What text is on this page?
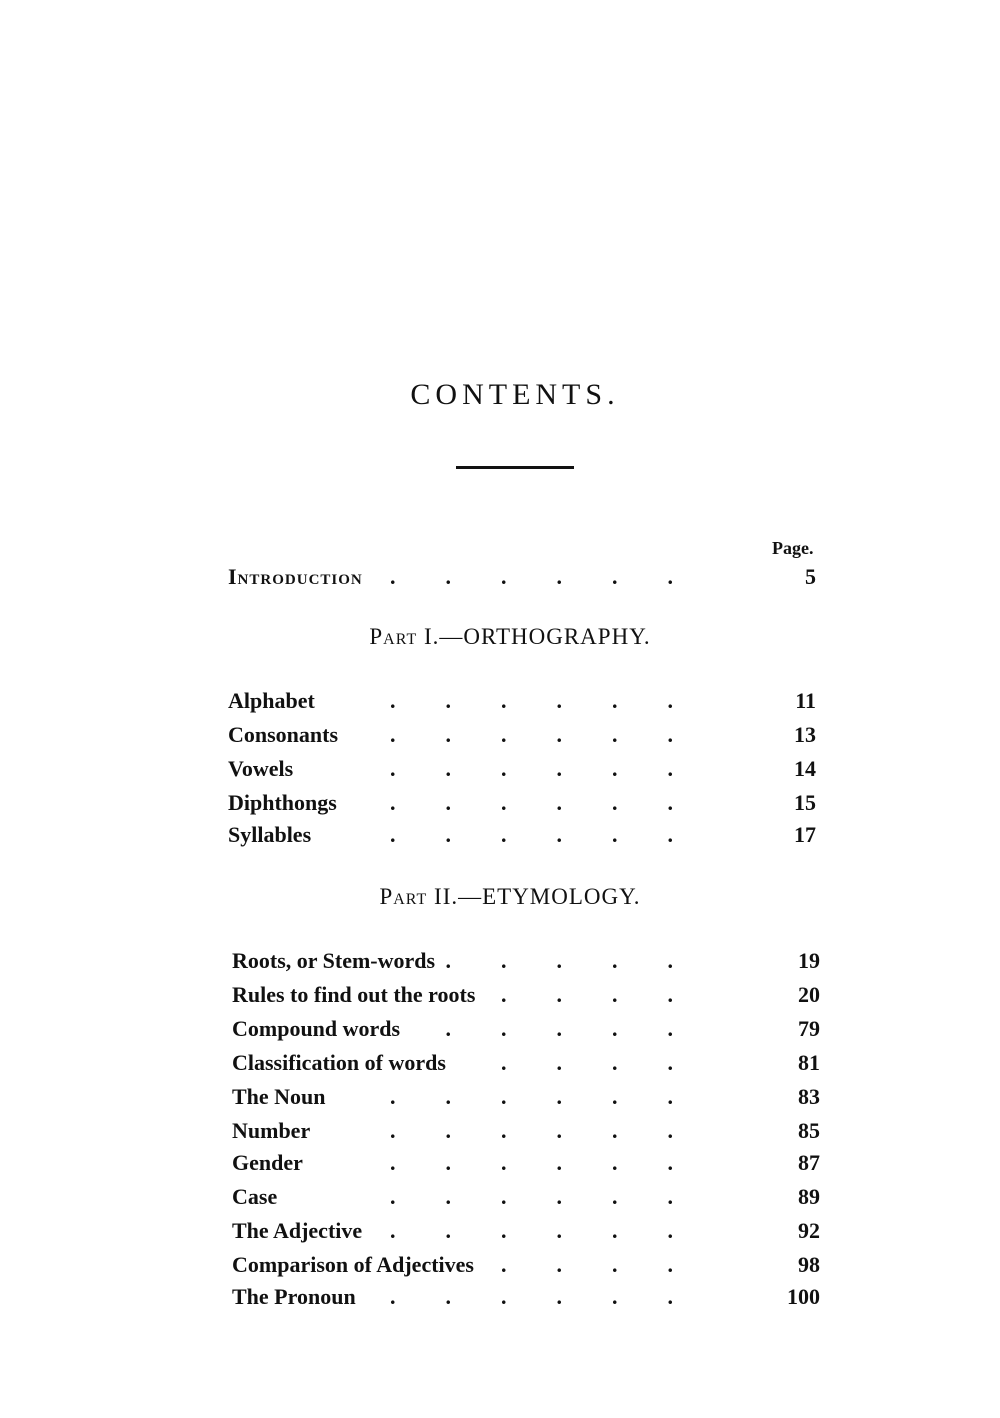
CONTENTS.
Page.
Introduction	5
. . . . . .
Part I.—ORTHOGRAPHY.
Alphabet	11
. . . . . .
Consonants	13
. . . . . .
Vowels	14
. . . . . .
Diphthongs	15
. . . . . .
Syllables	17
. . . . . .
Part II.—ETYMOLOGY.
Roots, or Stem-words	19
. . . . .
Rules to find out the roots	20
. . . .
Compound words	79
. . . . .
Classification of words	81
. . . .
The Noun	83
. . . . . .
Number	85
. . . . . .
Gender	87
. . . . . .
Case	89
. . . . . .
The Adjective	92
. . . . . .
Comparison of Adjectives	98
. . . .
The Pronoun	100
. . . . . .
